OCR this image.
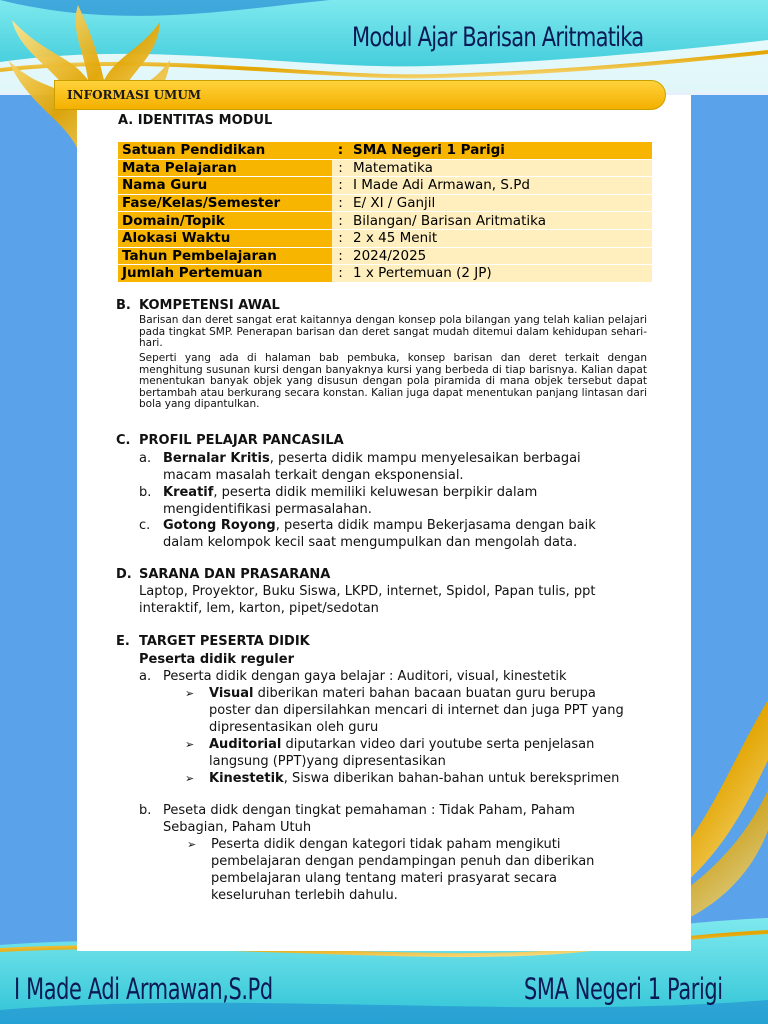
Modul Ajar Barisan Aritmatika
INFORMASI UMUM
A. IDENTITAS MODUL
Satuan Pendidikan	:	SMA Negeri 1 Parigi
Mata Pelajaran	:	Matematika
Nama Guru	:	I Made Adi Armawan, S.Pd
Fase/Kelas/Semester	:	E/ XI / Ganjil
Domain/Topik	:	Bilangan/ Barisan Aritmatika
Alokasi Waktu	:	2 x 45 Menit
Tahun Pembelajaran	:	2024/2025
Jumlah Pertemuan	:	1 x Pertemuan (2 JP)
B. KOMPETENSI AWAL

Barisan dan deret sangat erat kaitannya dengan konsep pola bilangan yang telah kalian pelajari pada tingkat SMP. Penerapan barisan dan deret sangat mudah ditemui dalam kehidupan sehari-hari.

Seperti yang ada di halaman bab pembuka, konsep barisan dan deret terkait dengan menghitung susunan kursi dengan banyaknya kursi yang berbeda di tiap barisnya. Kalian dapat menentukan banyak objek yang disusun dengan pola piramida di mana objek tersebut dapat bertambah atau berkurang secara konstan. Kalian juga dapat menentukan panjang lintasan dari bola yang dipantulkan.

C. PROFIL PELAJAR PANCASILA
a. Bernalar Kritis, peserta didik mampu menyelesaikan berbagai
macam masalah terkait dengan eksponensial.
b. Kreatif, peserta didik memiliki keluwesan berpikir dalam
mengidentifikasi permasalahan.
c. Gotong Royong, peserta didik mampu Bekerjasama dengan baik
dalam kelompok kecil saat mengumpulkan dan mengolah data.
D. SARANA DAN PRASARANA
Laptop, Proyektor, Buku Siswa, LKPD, internet, Spidol, Papan tulis, ppt
interaktif, lem, karton, pipet/sedotan
E. TARGET PESERTA DIDIK
Peserta didik reguler
a. Peserta didik dengan gaya belajar : Auditori, visual, kinestetik
➢ Visual diberikan materi bahan bacaan buatan guru berupa
poster dan dipersilahkan mencari di internet dan juga PPT yang
dipresentasikan oleh guru
➢ Auditorial diputarkan video dari youtube serta penjelasan
langsung (PPT)yang dipresentasikan
➢ Kinestetik, Siswa diberikan bahan-bahan untuk bereksprimen
b. Peseta didk dengan tingkat pemahaman : Tidak Paham, Paham
Sebagian, Paham Utuh
➢ Peserta didik dengan kategori tidak paham mengikuti
pembelajaran dengan pendampingan penuh dan diberikan
pembelajaran ulang tentang materi prasyarat secara
keseluruhan terlebih dahulu.
I Made Adi Armawan,S.Pd	SMA Negeri 1 Parigi
